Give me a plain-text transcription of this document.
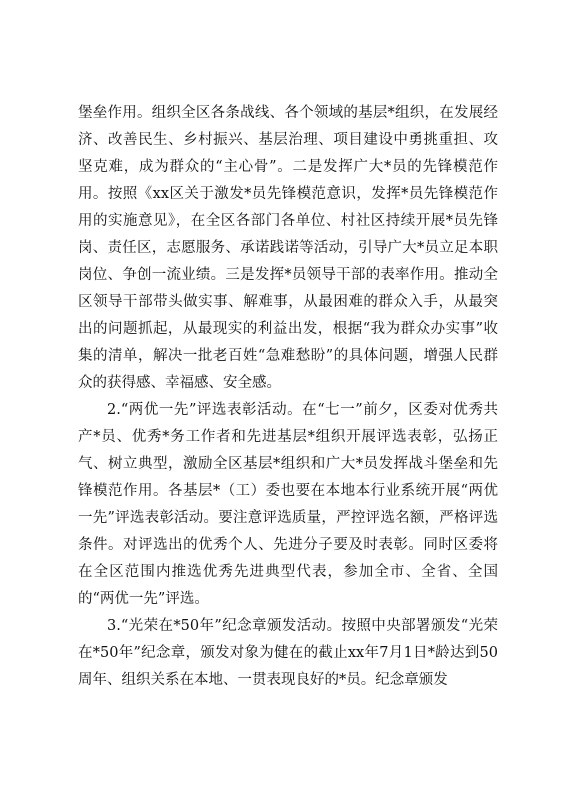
堡垒作用。组织全区各条战线、各个领域的基层*组织，在发展经济、改善民生、乡村振兴、基层治理、项目建设中勇挑重担、攻坚克难，成为群众的“主心骨”。二是发挥广大*员的先锋模范作用。按照《xx区关于激发*员先锋模范意识，发挥*员先锋模范作用的实施意见》，在全区各部门各单位、村社区持续开展*员先锋岗、责任区，志愿服务、承诺践诺等活动，引导广大*员立足本职岗位、争创一流业绩。三是发挥*员领导干部的表率作用。推动全区领导干部带头做实事、解难事，从最困难的群众入手，从最突出的问题抓起，从最现实的利益出发，根据“我为群众办实事”收集的清单，解决一批老百姓“急难愁盼”的具体问题，增强人民群众的获得感、幸福感、安全感。

2.“两优一先”评选表彰活动。在“七一”前夕，区委对优秀共产*员、优秀*务工作者和先进基层*组织开展评选表彰，弘扬正气、树立典型，激励全区基层*组织和广大*员发挥战斗堡垒和先锋模范作用。各基层*（工）委也要在本地本行业系统开展“两优一先”评选表彰活动。要注意评选质量，严控评选名额，严格评选条件。对评选出的优秀个人、先进分子要及时表彰。同时区委将在全区范围内推选优秀先进典型代表，参加全市、全省、全国的“两优一先”评选。

3.“光荣在*50年”纪念章颁发活动。按照中央部署颁发“光荣在*50年”纪念章，颁发对象为健在的截止xx年7月1日*龄达到50周年、组织关系在本地、一贯表现良好的*员。纪念章颁发
